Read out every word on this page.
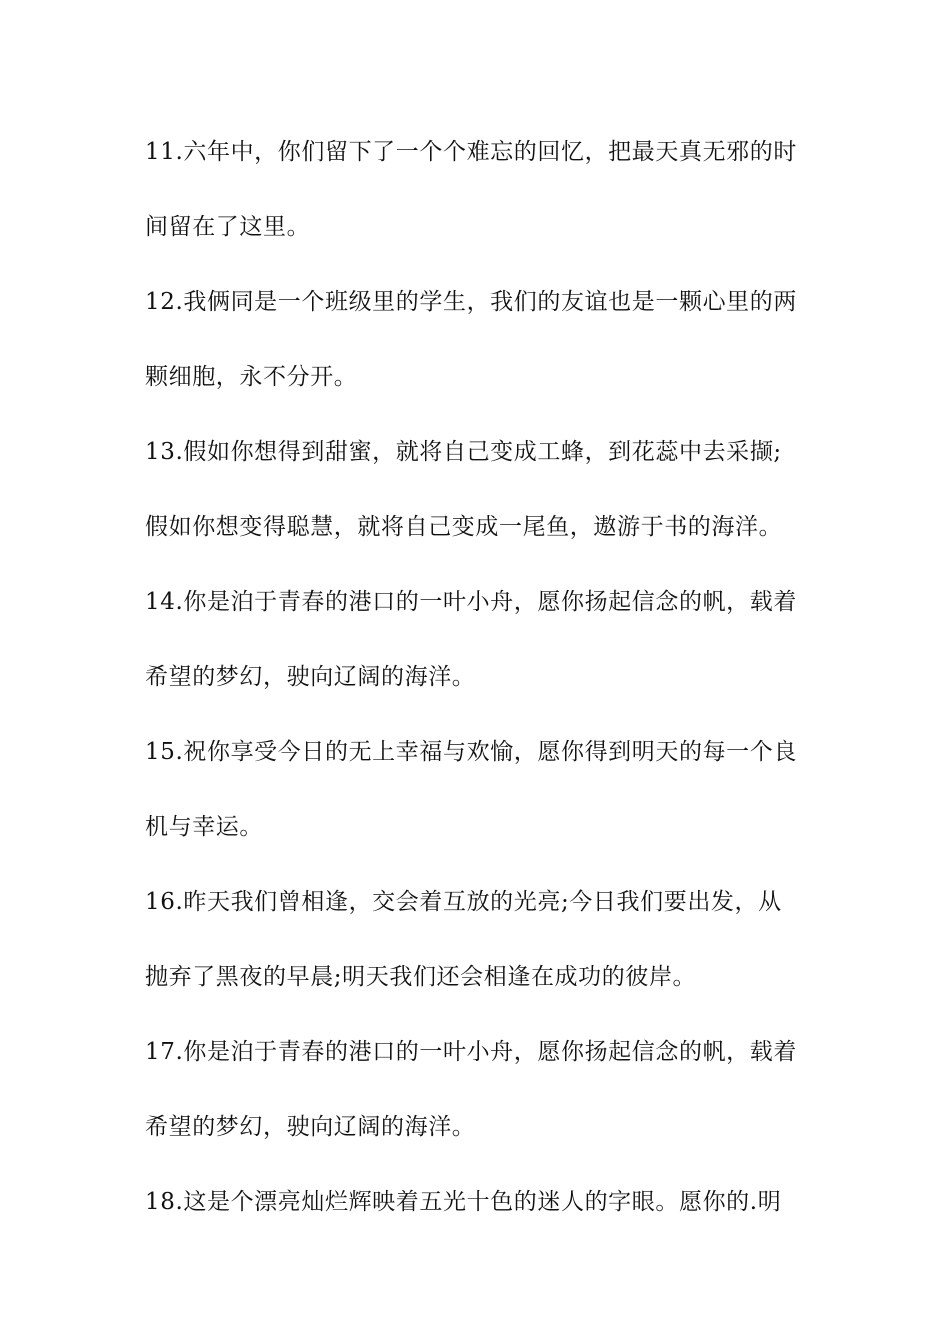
11.六年中，你们留下了一个个难忘的回忆，把最天真无邪的时
间留在了这里。
12.我俩同是一个班级里的学生，我们的友谊也是一颗心里的两
颗细胞，永不分开。
13.假如你想得到甜蜜，就将自己变成工蜂，到花蕊中去采撷;
假如你想变得聪慧，就将自己变成一尾鱼，遨游于书的海洋。
14.你是泊于青春的港口的一叶小舟，愿你扬起信念的帆，载着
希望的梦幻，驶向辽阔的海洋。
15.祝你享受今日的无上幸福与欢愉，愿你得到明天的每一个良
机与幸运。
16.昨天我们曾相逢，交会着互放的光亮;今日我们要出发，从
抛弃了黑夜的早晨;明天我们还会相逢在成功的彼岸。
17.你是泊于青春的港口的一叶小舟，愿你扬起信念的帆，载着
希望的梦幻，驶向辽阔的海洋。
18.这是个漂亮灿烂辉映着五光十色的迷人的字眼。愿你的.明
